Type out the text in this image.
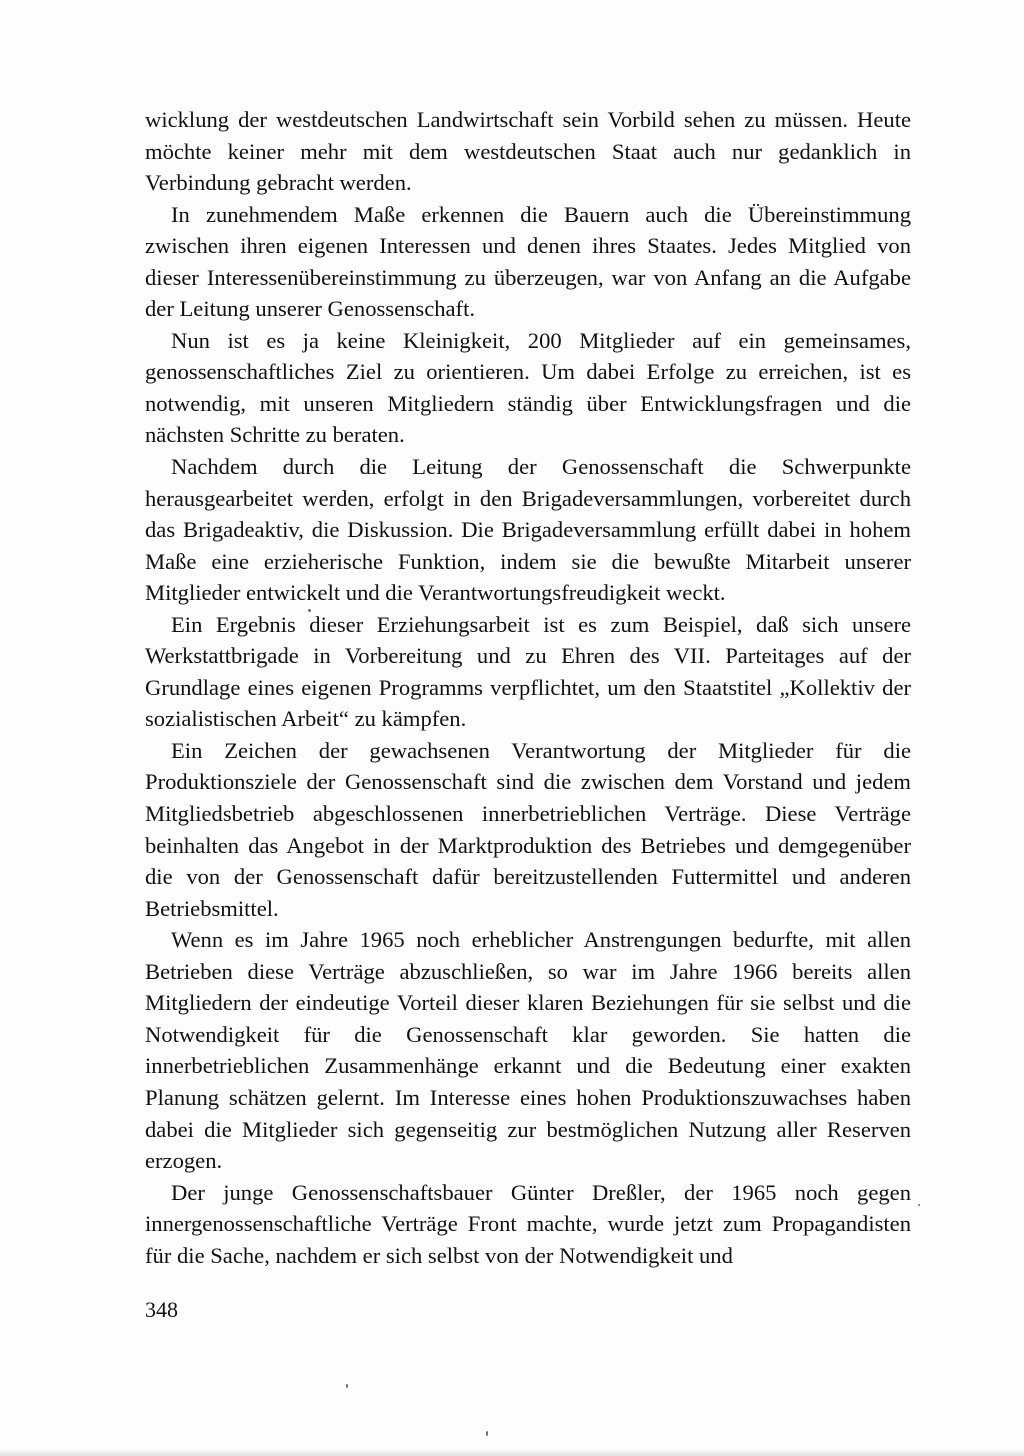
wicklung der westdeutschen Landwirtschaft sein Vorbild sehen zu müssen. Heute möchte keiner mehr mit dem westdeutschen Staat auch nur gedanklich in Verbindung gebracht werden.

In zunehmendem Maße erkennen die Bauern auch die Übereinstimmung zwischen ihren eigenen Interessen und denen ihres Staates. Jedes Mitglied von dieser Interessenübereinstimmung zu überzeugen, war von Anfang an die Aufgabe der Leitung unserer Genossenschaft.

Nun ist es ja keine Kleinigkeit, 200 Mitglieder auf ein gemeinsames, genossenschaftliches Ziel zu orientieren. Um dabei Erfolge zu erreichen, ist es notwendig, mit unseren Mitgliedern ständig über Entwicklungsfragen und die nächsten Schritte zu beraten.

Nachdem durch die Leitung der Genossenschaft die Schwerpunkte herausgearbeitet werden, erfolgt in den Brigadeversammlungen, vorbereitet durch das Brigadeaktiv, die Diskussion. Die Brigadeversammlung erfüllt dabei in hohem Maße eine erzieherische Funktion, indem sie die bewußte Mitarbeit unserer Mitglieder entwickelt und die Verantwortungsfreudigkeit weckt.

Ein Ergebnis dieser Erziehungsarbeit ist es zum Beispiel, daß sich unsere Werkstattbrigade in Vorbereitung und zu Ehren des VII. Parteitages auf der Grundlage eines eigenen Programms verpflichtet, um den Staatstitel „Kollektiv der sozialistischen Arbeit“ zu kämpfen.

Ein Zeichen der gewachsenen Verantwortung der Mitglieder für die Produktionsziele der Genossenschaft sind die zwischen dem Vorstand und jedem Mitgliedsbetrieb abgeschlossenen innerbetrieblichen Verträge. Diese Verträge beinhalten das Angebot in der Marktproduktion des Betriebes und demgegenüber die von der Genossenschaft dafür bereitzustellenden Futtermittel und anderen Betriebsmittel.

Wenn es im Jahre 1965 noch erheblicher Anstrengungen bedurfte, mit allen Betrieben diese Verträge abzuschließen, so war im Jahre 1966 bereits allen Mitgliedern der eindeutige Vorteil dieser klaren Beziehungen für sie selbst und die Notwendigkeit für die Genossenschaft klar geworden. Sie hatten die innerbetrieblichen Zusammenhänge erkannt und die Bedeutung einer exakten Planung schätzen gelernt. Im Interesse eines hohen Produktionszuwachses haben dabei die Mitglieder sich gegenseitig zur bestmöglichen Nutzung aller Reserven erzogen.

Der junge Genossenschaftsbauer Günter Dreßler, der 1965 noch gegen innergenossenschaftliche Verträge Front machte, wurde jetzt zum Propagandisten für die Sache, nachdem er sich selbst von der Notwendigkeit und

348
